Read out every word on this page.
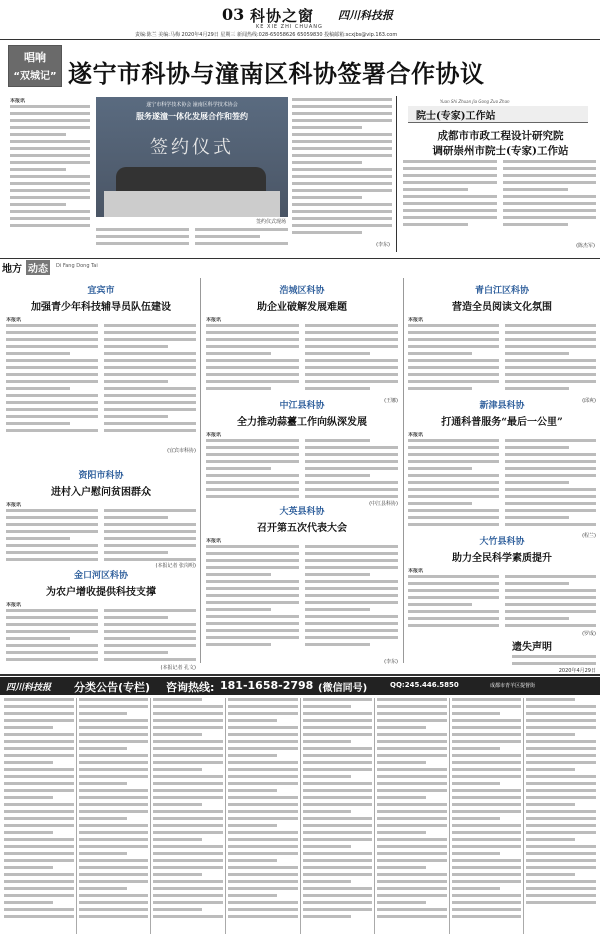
03 科协之窗
KE XIE ZHI CHUANG
四川科技报
责编:陈兰 美编:马梅 2020年4月29日 星期三 新闻热线:028-65058626 65059830 投稿邮箱:scxjbs@vip.163.com
唱响
“双城记” 遂宁市科协与潼南区科协签署合作协议
本报讯
遂宁市科学技术协会 潼南区科学技术协会
服务遂潼一体化发展合作和签约
签约仪式
签约仪式现场
(李东)
Yuan Shi Zhuan Jia Gong Zuo Zhan
院士(专家)工作站
成都市市政工程设计研究院
调研崇州市院士(专家)工作站
(陈杰军)
地方 动态	Di Fang Dong Tai
宜宾市
加强青少年科技辅导员队伍建设
本报讯
(宜宾市科协)
浩城区科协
助企业破解发展难题
本报讯
(王娜)
青白江区科协
营造全员阅读文化氛围
本报讯
(邱爽)
中江县科协
全力推动蒜薹工作向纵深发展
本报讯
(中江县科协)
资阳市科协
进村入户慰问贫困群众
本报讯
(本报记者 张岗明)
新津县科协
打通科普服务“最后一公里”
本报讯
(程兰)
大英县科协
召开第五次代表大会
本报讯
(李东)
金口河区科协
为农户增收提供科技支撑
本报讯
(本报记者 孔文)
大竹县科协
助力全民科学素质提升
本报讯
(罗成)
遗失声明
2020年4月29日
四川科技报 分类公告(专栏) 咨询热线: 181-1658-2798 (微信同号)	QQ:245.446.5850	成都市青羊区提督街
